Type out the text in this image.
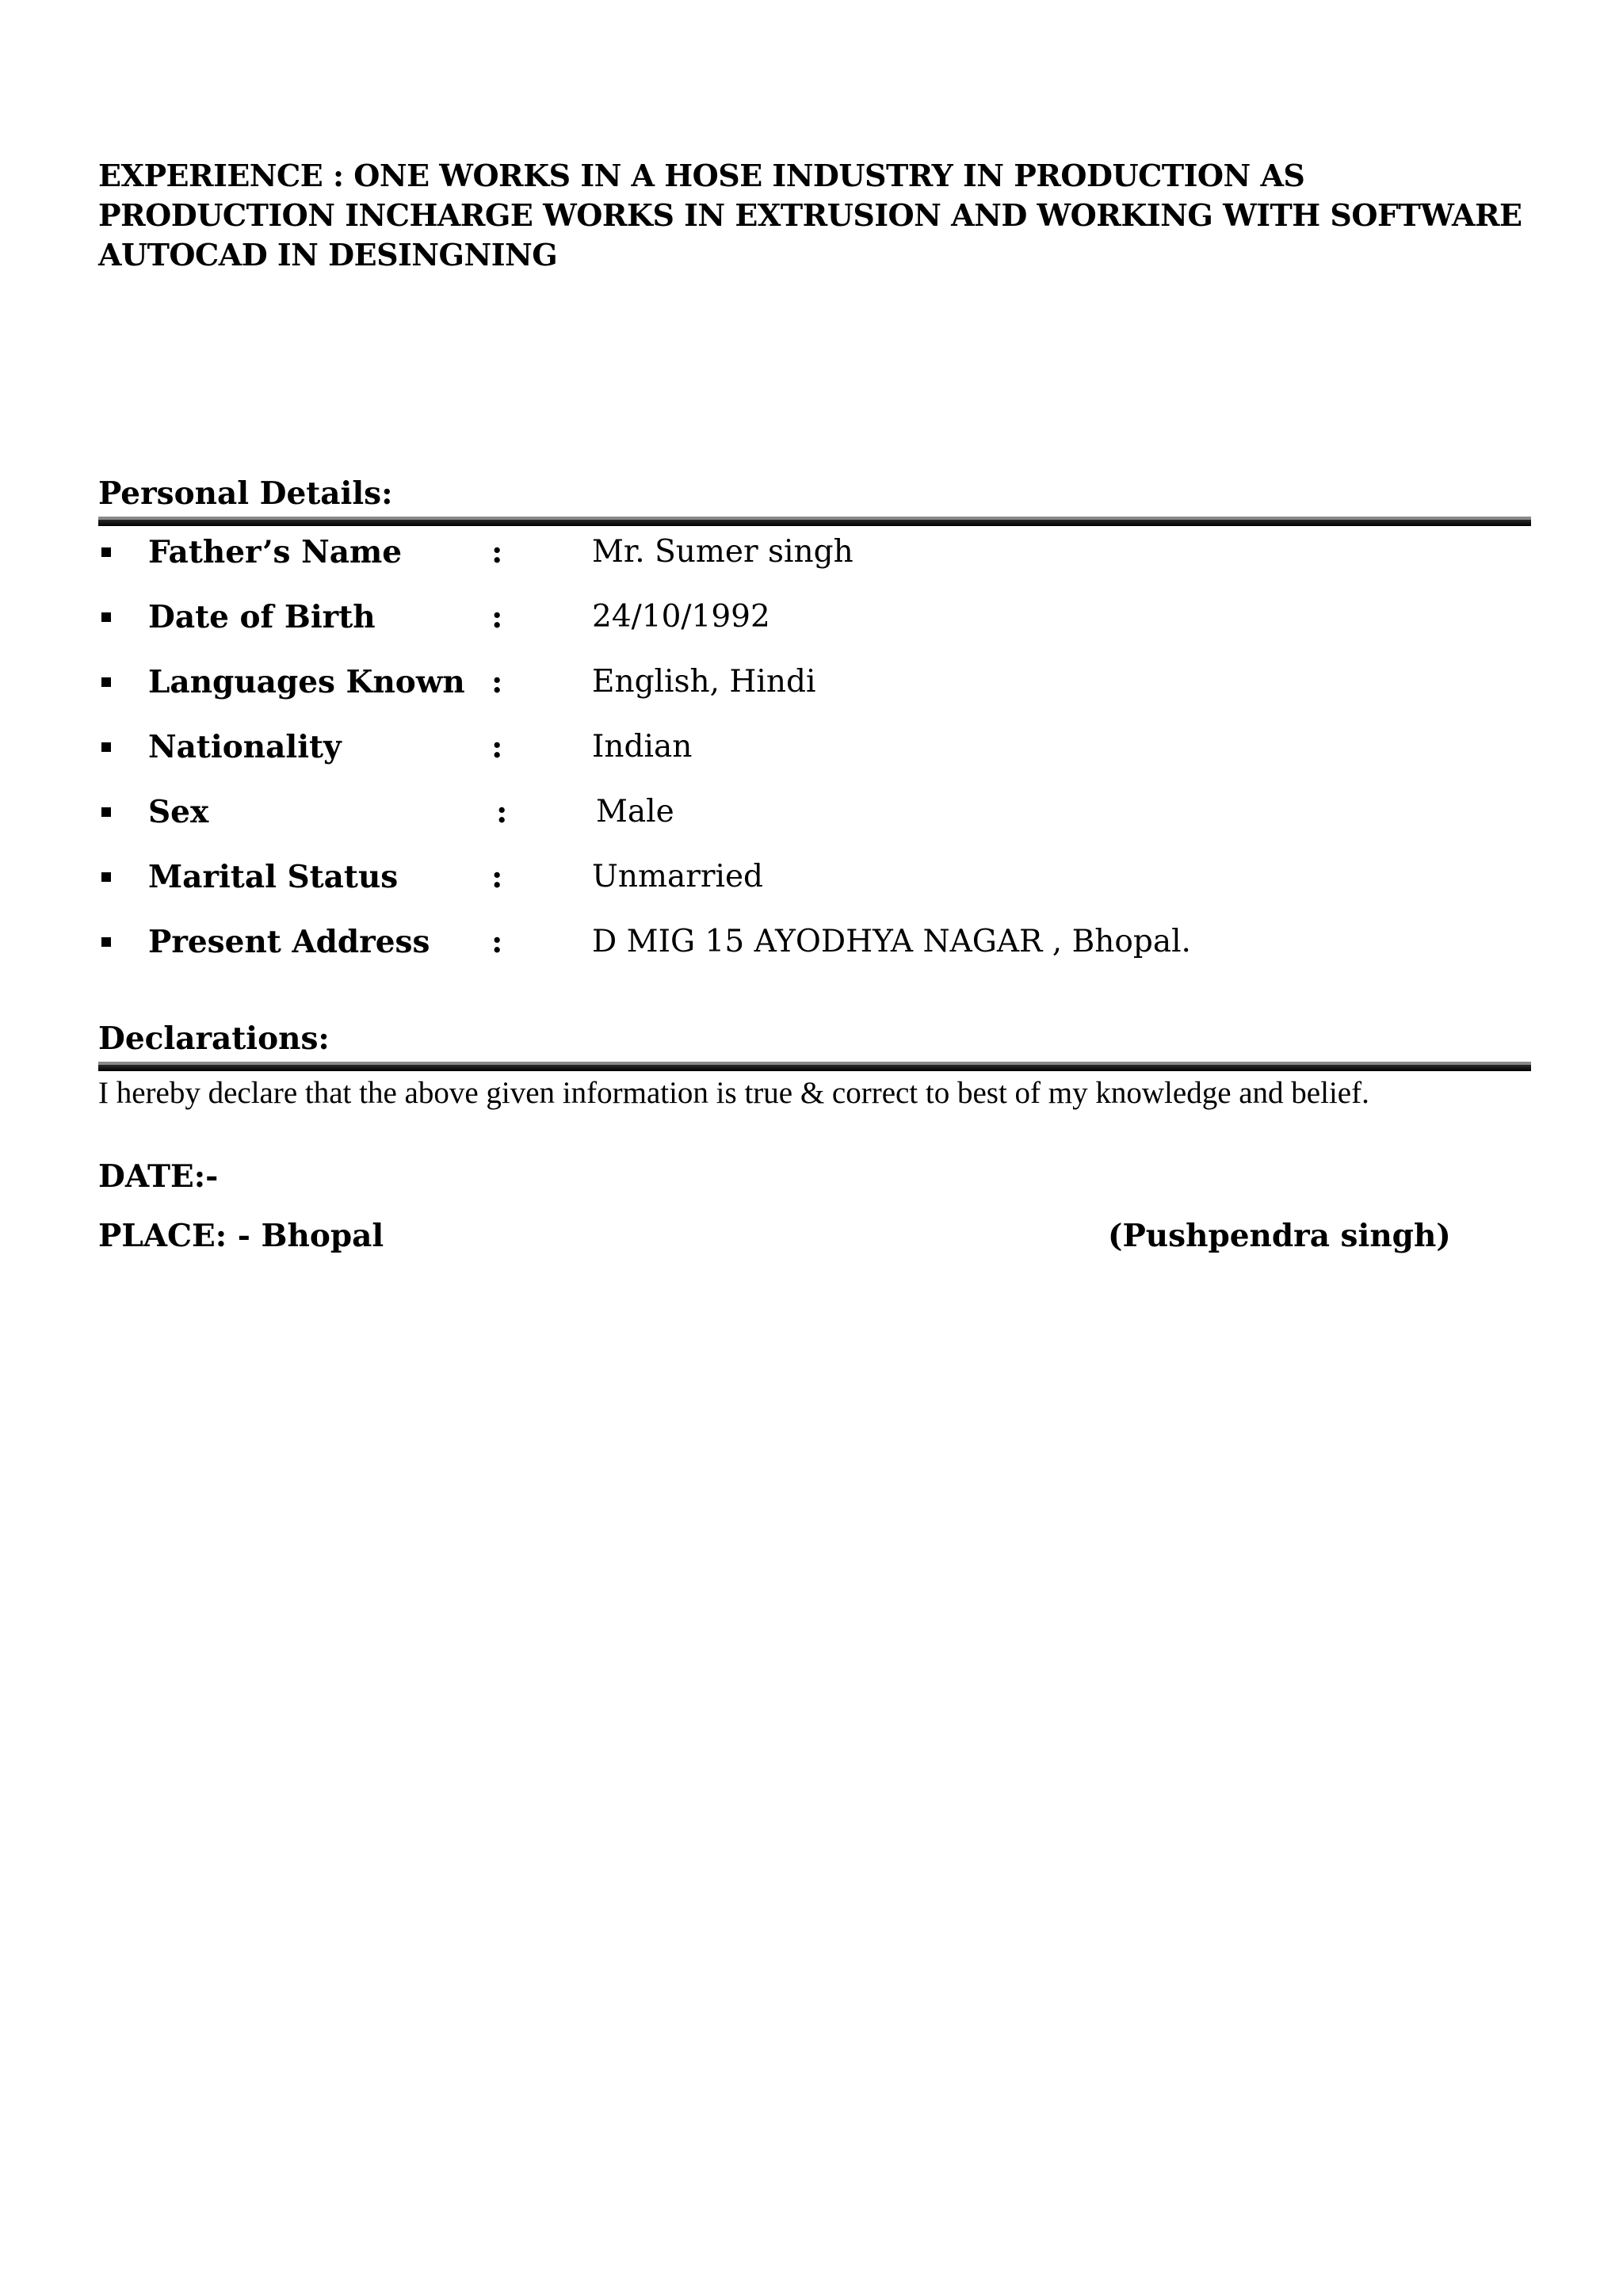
EXPERIENCE : ONE WORKS IN A HOSE INDUSTRY IN PRODUCTION AS PRODUCTION INCHARGE WORKS IN EXTRUSION AND WORKING WITH SOFTWARE AUTOCAD IN DESINGNING
Personal Details:
Father’s Name	:	Mr. Sumer singh
Date of Birth	:	24/10/1992
Languages Known :	English, Hindi
Nationality	:	Indian
Sex	:	Male
Marital Status	:	Unmarried
Present Address :	D MIG 15 AYODHYA NAGAR , Bhopal.
Declarations:
I hereby declare that the above given information is true & correct to best of my knowledge and belief.
DATE:-
PLACE: - Bhopal	(Pushpendra singh)
